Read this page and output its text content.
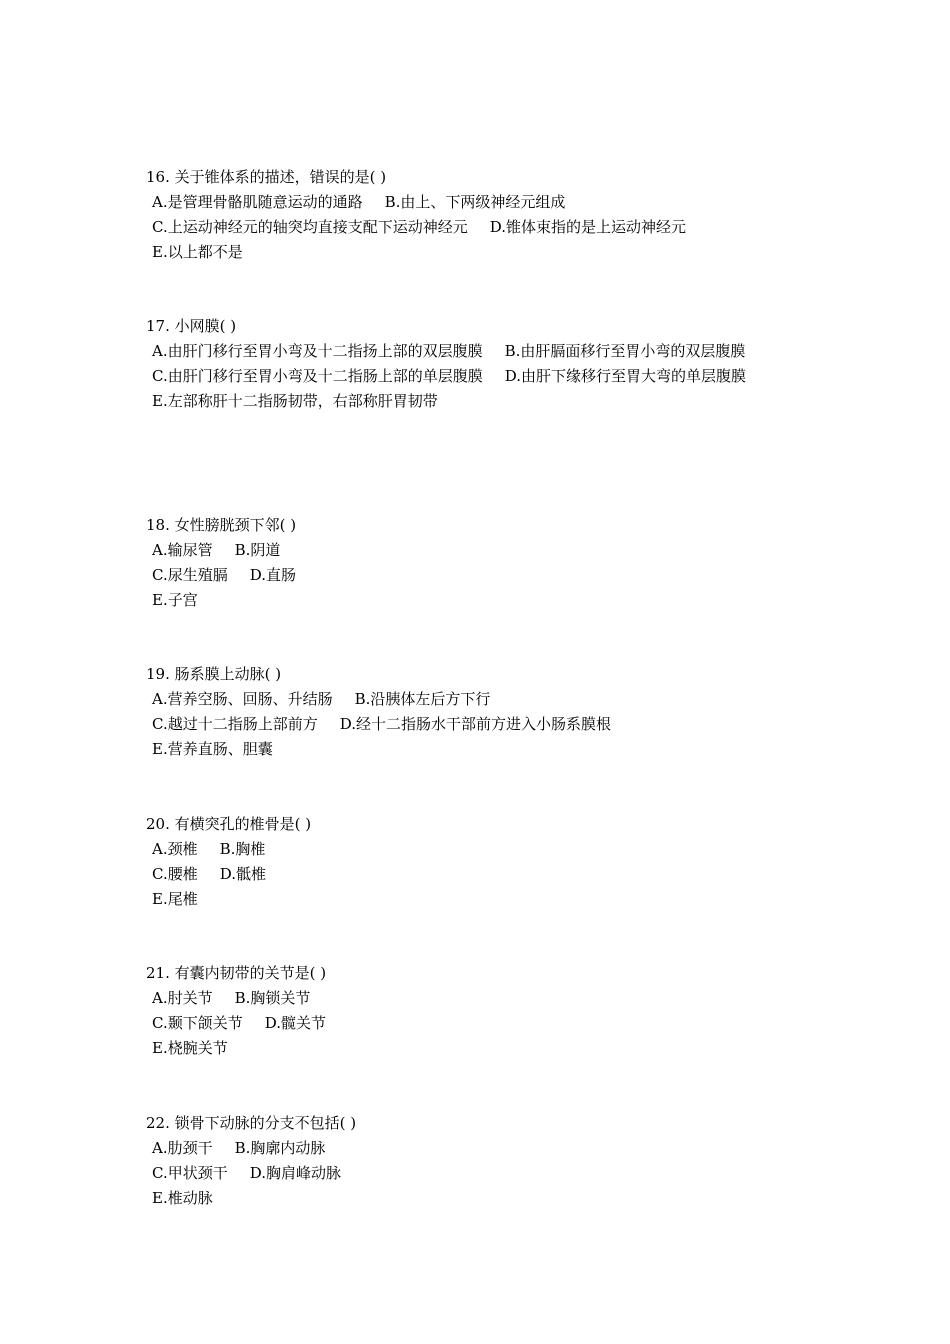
16. 关于锥体系的描述，错误的是( )
A.是管理骨骼肌随意运动的通路 B.由上、下两级神经元组成
C.上运动神经元的轴突均直接支配下运动神经元 D.锥体束指的是上运动神经元
E.以上都不是
17. 小网膜( )
A.由肝门移行至胃小弯及十二指扬上部的双层腹膜 B.由肝膈面移行至胃小弯的双层腹膜
C.由肝门移行至胃小弯及十二指肠上部的单层腹膜 D.由肝下缘移行至胃大弯的单层腹膜
E.左部称肝十二指肠韧带，右部称肝胃韧带
18. 女性膀胱颈下邻( )
A.输尿管 B.阴道
C.尿生殖膈 D.直肠
E.子宫
19. 肠系膜上动脉( )
A.营养空肠、回肠、升结肠 B.沿胰体左后方下行
C.越过十二指肠上部前方 D.经十二指肠水干部前方进入小肠系膜根
E.营养直肠、胆囊
20. 有横突孔的椎骨是( )
A.颈椎 B.胸椎
C.腰椎 D.骶椎
E.尾椎
21. 有囊内韧带的关节是( )
A.肘关节 B.胸锁关节
C.颞下颌关节 D.髋关节
E.桡腕关节
22. 锁骨下动脉的分支不包括( )
A.肋颈干 B.胸廓内动脉
C.甲状颈干 D.胸肩峰动脉
E.椎动脉
